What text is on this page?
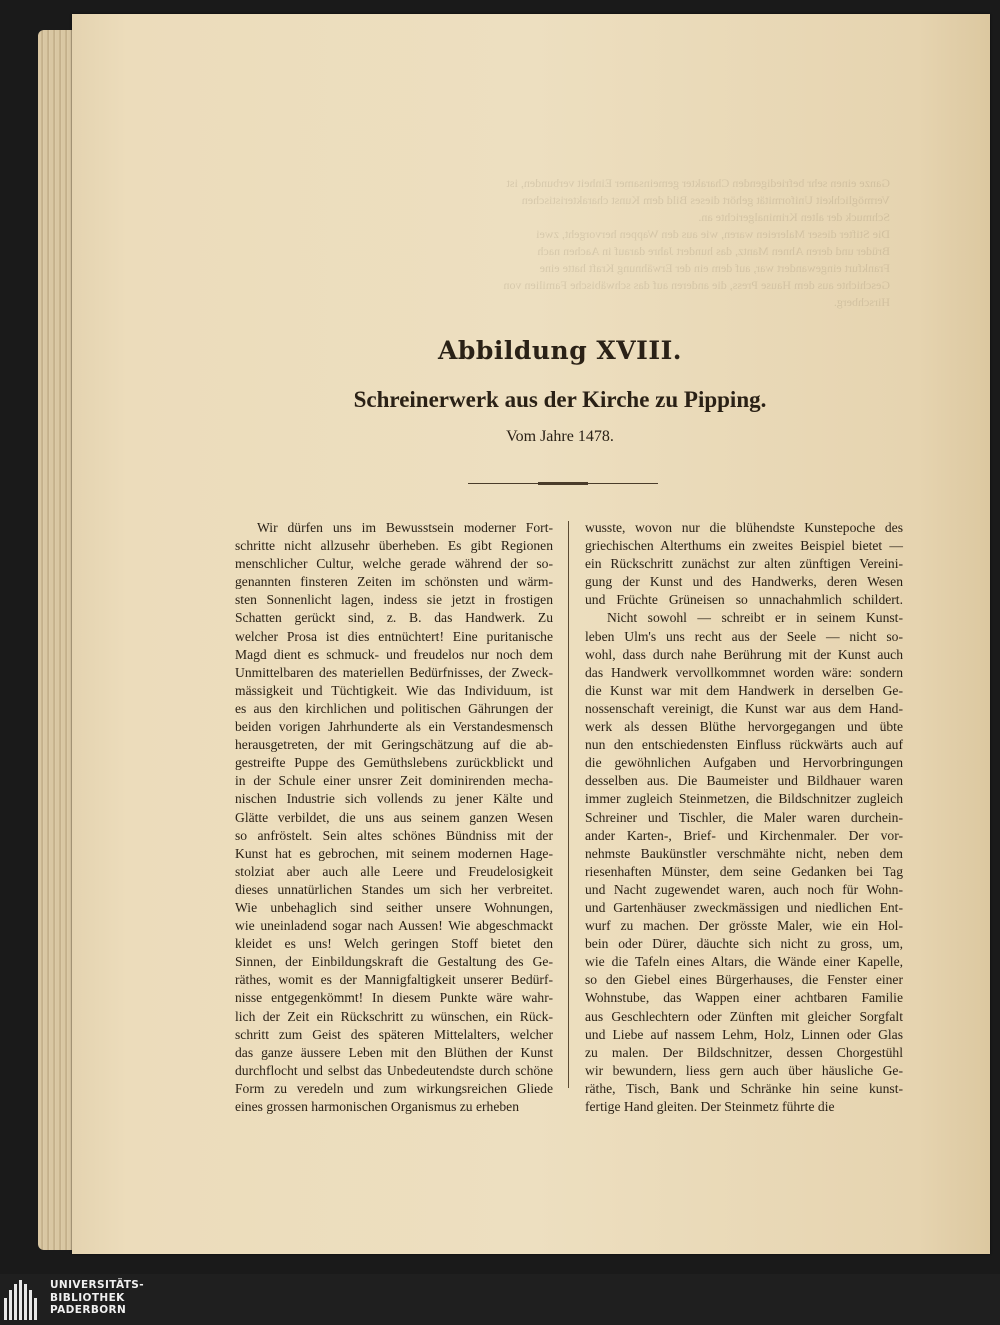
Ganze einen sehr befriedigenden Charakter gemeinsamer Einheit verbunden, ist Vermöglichkeit Uniformität gehört dieses Bild dem Kunst charakteristischen Schmuck der alten Kriminalgerichte an.

Die Stifter dieser Malereien waren, wie aus den Wappen hervorgeht, zwei Brüder und deren Ahnen Mantz, das hundert Jahre darauf in Aachen nach Frankfurt eingewandert war, auf dem ein der Erwähnung Kraft hatte eine Geschichte aus dem Hause Press, die anderen auf das schwäbische Familien von Hirschberg.

Abbildung XVIII.
Schreinerwerk aus der Kirche zu Pipping.
Vom Jahre 1478.
Wir dürfen uns im Bewusstsein moderner Fort-
schritte nicht allzusehr überheben. Es gibt Regionen
menschlicher Cultur, welche gerade während der so-
genannten finsteren Zeiten im schönsten und wärm-
sten Sonnenlicht lagen, indess sie jetzt in frostigen
Schatten gerückt sind, z. B. das Handwerk. Zu
welcher Prosa ist dies entnüchtert! Eine puritanische
Magd dient es schmuck- und freudelos nur noch dem
Unmittelbaren des materiellen Bedürfnisses, der Zweck-
mässigkeit und Tüchtigkeit. Wie das Individuum, ist
es aus den kirchlichen und politischen Gährungen der
beiden vorigen Jahrhunderte als ein Verstandesmensch
herausgetreten, der mit Geringschätzung auf die ab-
gestreifte Puppe des Gemüthslebens zurückblickt und
in der Schule einer unsrer Zeit dominirenden mecha-
nischen Industrie sich vollends zu jener Kälte und
Glätte verbildet, die uns aus seinem ganzen Wesen
so anfröstelt. Sein altes schönes Bündniss mit der
Kunst hat es gebrochen, mit seinem modernen Hage-
stolziat aber auch alle Leere und Freudelosigkeit
dieses unnatürlichen Standes um sich her verbreitet.
Wie unbehaglich sind seither unsere Wohnungen,
wie uneinladend sogar nach Aussen! Wie abgeschmackt
kleidet es uns! Welch geringen Stoff bietet den
Sinnen, der Einbildungskraft die Gestaltung des Ge-
räthes, womit es der Mannigfaltigkeit unserer Bedürf-
nisse entgegenkömmt! In diesem Punkte wäre wahr-
lich der Zeit ein Rückschritt zu wünschen, ein Rück-
schritt zum Geist des späteren Mittelalters, welcher
das ganze äussere Leben mit den Blüthen der Kunst
durchflocht und selbst das Unbedeutendste durch schöne
Form zu veredeln und zum wirkungsreichen Gliede
eines grossen harmonischen Organismus zu erheben
wusste, wovon nur die blühendste Kunstepoche des
griechischen Alterthums ein zweites Beispiel bietet —
ein Rückschritt zunächst zur alten zünftigen Vereini-
gung der Kunst und des Handwerks, deren Wesen
und Früchte Grüneisen so unnachahmlich schildert.
Nicht sowohl — schreibt er in seinem Kunst-
leben Ulm's uns recht aus der Seele — nicht so-
wohl, dass durch nahe Berührung mit der Kunst auch
das Handwerk vervollkommnet worden wäre: sondern
die Kunst war mit dem Handwerk in derselben Ge-
nossenschaft vereinigt, die Kunst war aus dem Hand-
werk als dessen Blüthe hervorgegangen und übte
nun den entschiedensten Einfluss rückwärts auch auf
die gewöhnlichen Aufgaben und Hervorbringungen
desselben aus. Die Baumeister und Bildhauer waren
immer zugleich Steinmetzen, die Bildschnitzer zugleich
Schreiner und Tischler, die Maler waren durchein-
ander Karten-, Brief- und Kirchenmaler. Der vor-
nehmste Baukünstler verschmähte nicht, neben dem
riesenhaften Münster, dem seine Gedanken bei Tag
und Nacht zugewendet waren, auch noch für Wohn-
und Gartenhäuser zweckmässigen und niedlichen Ent-
wurf zu machen. Der grösste Maler, wie ein Hol-
bein oder Dürer, däuchte sich nicht zu gross, um,
wie die Tafeln eines Altars, die Wände einer Kapelle,
so den Giebel eines Bürgerhauses, die Fenster einer
Wohnstube, das Wappen einer achtbaren Familie
aus Geschlechtern oder Zünften mit gleicher Sorgfalt
und Liebe auf nassem Lehm, Holz, Linnen oder Glas
zu malen. Der Bildschnitzer, dessen Chorgestühl
wir bewundern, liess gern auch über häusliche Ge-
räthe, Tisch, Bank und Schränke hin seine kunst-
fertige Hand gleiten. Der Steinmetz führte die
UNIVERSITÄTS-
BIBLIOTHEK
PADERBORN
